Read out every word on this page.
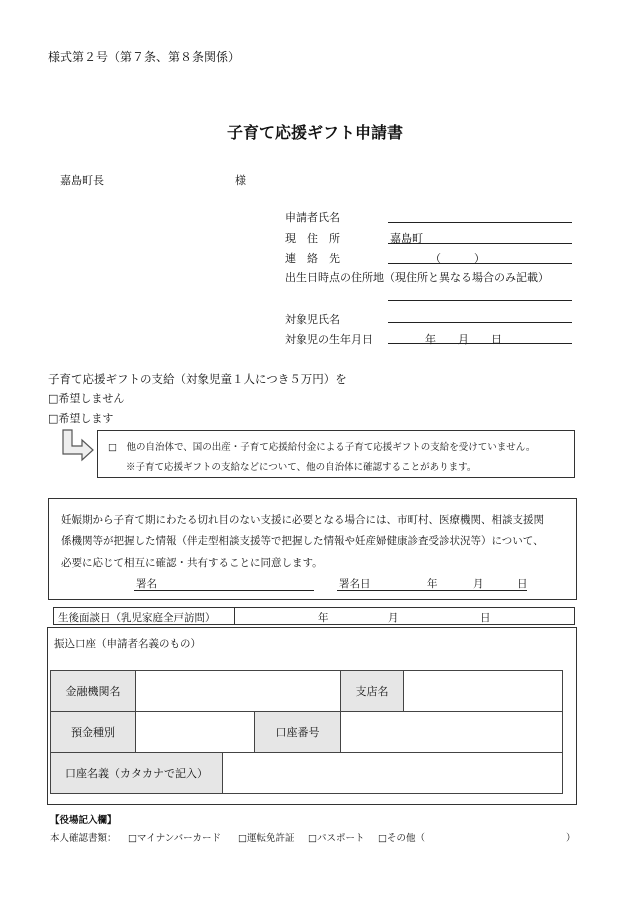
様式第２号（第７条、第８条関係）
子育て応援ギフト申請書
嘉島町長	様
申請者氏名
現　住　所	嘉島町
連　絡　先	（　　　）
出生日時点の住所地（現住所と異なる場合のみ記載）
対象児氏名
対象児の生年月日	年　　月　　日
子育て応援ギフトの支給（対象児童１人につき５万円）を
□希望しません
□希望します
□　他の自治体で、国の出産・子育て応援給付金による子育て応援ギフトの支給を受けていません。
※子育て応援ギフトの支給などについて、他の自治体に確認することがあります。
妊娠期から子育て期にわたる切れ目のない支援に必要となる場合には、市町村、医療機関、相談支援関
係機関等が把握した情報（伴走型相談支援等で把握した情報や妊産婦健康診査受診状況等）について、
必要に応じて相互に確認・共有することに同意します。
署名	署名日	年	月	日
生後面談日（乳児家庭全戸訪問）	年	月	日
振込口座（申請者名義のもの）
金融機関名	支店名
預金種別	口座番号
口座名義（カタカナで記入）
【役場記入欄】
本人確認書類： □マイナンバーカード □運転免許証 □パスポート □その他（	）
